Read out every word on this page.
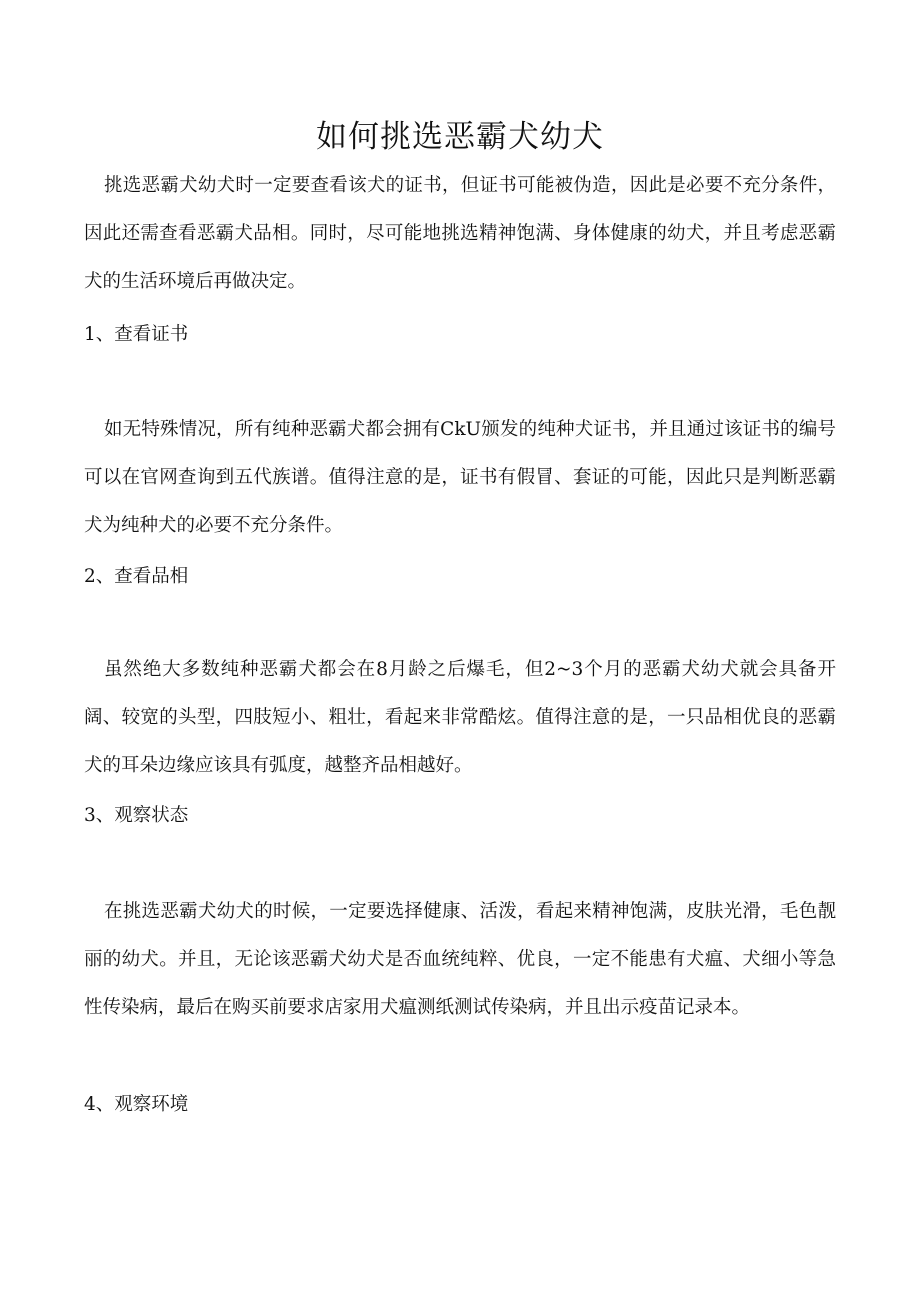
如何挑选恶霸犬幼犬

挑选恶霸犬幼犬时一定要查看该犬的证书，但证书可能被伪造，因此是必要不充分条件，因此还需查看恶霸犬品相。同时，尽可能地挑选精神饱满、身体健康的幼犬，并且考虑恶霸犬的生活环境后再做决定。

1、查看证书

如无特殊情况，所有纯种恶霸犬都会拥有CkU颁发的纯种犬证书，并且通过该证书的编号可以在官网查询到五代族谱。值得注意的是，证书有假冒、套证的可能，因此只是判断恶霸犬为纯种犬的必要不充分条件。

2、查看品相

虽然绝大多数纯种恶霸犬都会在8月龄之后爆毛，但2~3个月的恶霸犬幼犬就会具备开阔、较宽的头型，四肢短小、粗壮，看起来非常酷炫。值得注意的是，一只品相优良的恶霸犬的耳朵边缘应该具有弧度，越整齐品相越好。

3、观察状态

在挑选恶霸犬幼犬的时候，一定要选择健康、活泼，看起来精神饱满，皮肤光滑，毛色靓丽的幼犬。并且，无论该恶霸犬幼犬是否血统纯粹、优良，一定不能患有犬瘟、犬细小等急性传染病，最后在购买前要求店家用犬瘟测纸测试传染病，并且出示疫苗记录本。

4、观察环境
